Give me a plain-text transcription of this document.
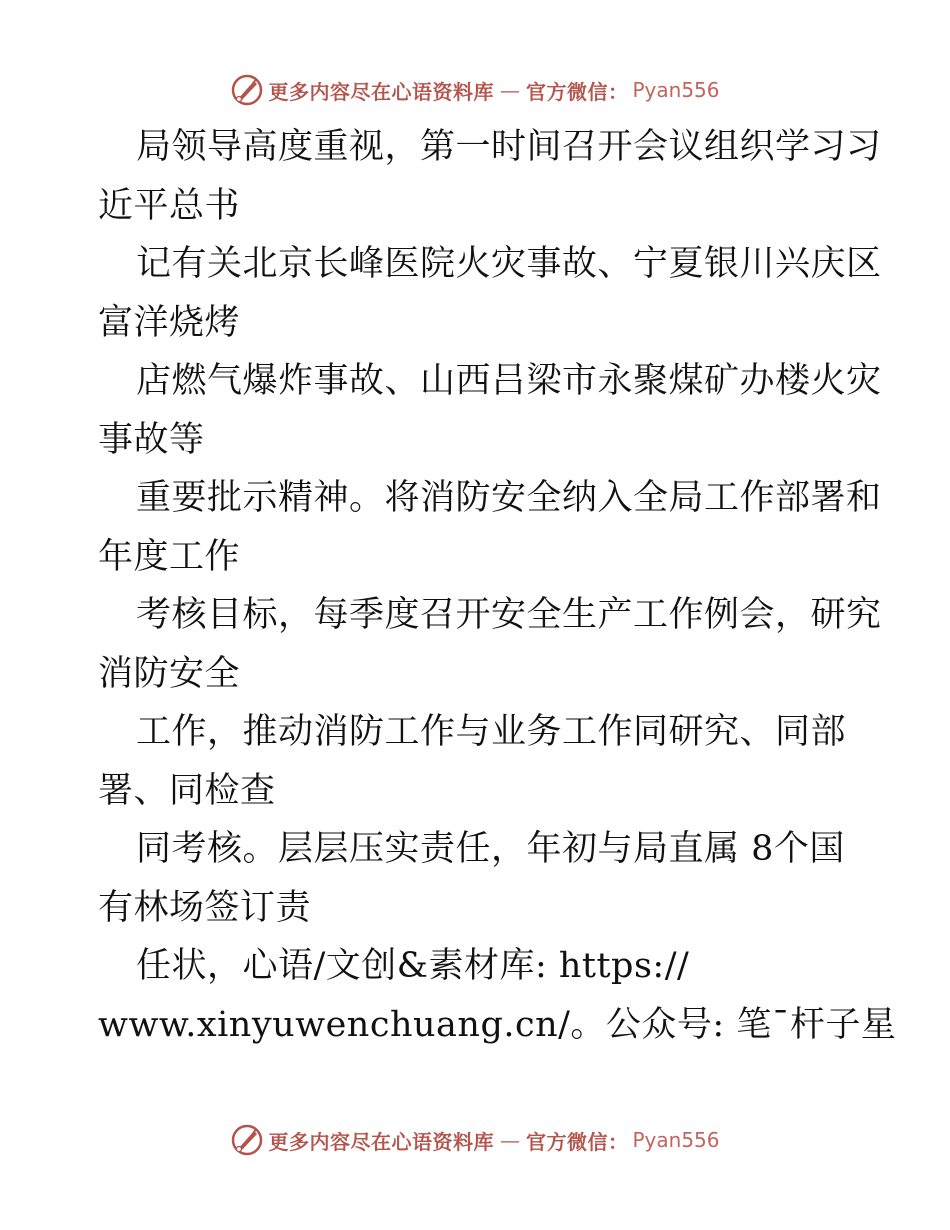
更多内容尽在心语资料库 — 官方微信： Pyan556
局领导高度重视，第一时间召开会议组织学习习
近平总书
记有关北京长峰医院火灾事故、宁夏银川兴庆区
富洋烧烤
店燃气爆炸事故、山西吕梁市永聚煤矿办楼火灾
事故等
重要批示精神。将消防安全纳入全局工作部署和
年度工作
考核目标，每季度召开安全生产工作例会，研究
消防安全
工作，推动消防工作与业务工作同研究、同部
署、同检查
同考核。层层压实责任，年初与局直属 8个国
有林场签订责
任状，心语/文创&素材库: https://
www.xinyuwenchuang.cn/。公众号: 笔¯杆子星
更多内容尽在心语资料库 — 官方微信： Pyan556
